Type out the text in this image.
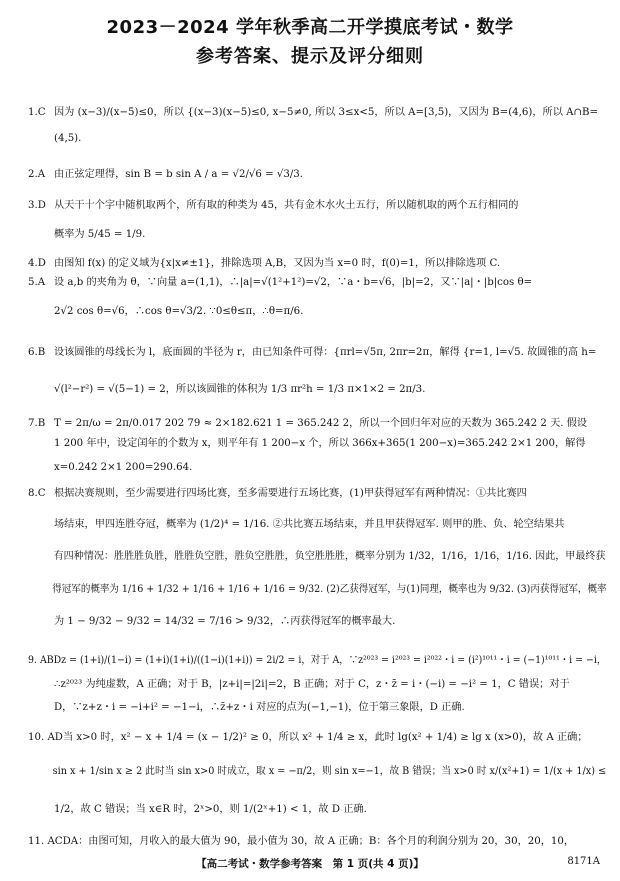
2023－2024 学年秋季高二开学摸底考试・数学
参考答案、提示及评分细则
1.C 因为 (x−3)/(x−5)≤0，所以 {(x−3)(x−5)≤0, x−5≠0, 所以 3≤x<5，所以 A=[3,5)，又因为 B=(4,6)，所以 A∩B=
(4,5).
2.A 由正弦定理得，sin B = b sin A / a = √2/√6 = √3/3.
3.D 从天干十个字中随机取两个，所有取的种类为 45，共有金木水火土五行，所以随机取的两个五行相同的
概率为 5/45 = 1/9.
4.D 由图知 f(x) 的定义域为{x|x≠±1}，排除选项 A,B，又因为当 x=0 时，f(0)=1，所以排除选项 C.
5.A 设 a,b 的夹角为 θ，∵向量 a=(1,1)，∴|a|=√(1²+1²)=√2，∵a・b=√6，|b|=2，又∵|a|・|b|cos θ=
2√2 cos θ=√6，∴cos θ=√3/2. ∵0≤θ≤π，∴θ=π/6.
6.B 设该圆锥的母线长为 l，底面圆的半径为 r，由已知条件可得：{πrl=√5π, 2πr=2π，解得 {r=1, l=√5. 故圆锥的高 h=
√(l²−r²) = √(5−1) = 2，所以该圆锥的体积为 1/3 πr²h = 1/3 π×1×2 = 2π/3.
7.B T = 2π/ω = 2π/0.017 202 79 ≈ 2×182.621 1 = 365.242 2，所以一个回归年对应的天数为 365.242 2 天. 假设
1 200 年中，设定闰年的个数为 x，则平年有 1 200−x 个，所以 366x+365(1 200−x)=365.242 2×1 200，解得
x=0.242 2×1 200=290.64.
8.C 根据决赛规则，至少需要进行四场比赛，至多需要进行五场比赛，(1)甲获得冠军有两种情况：①共比赛四
场结束，甲四连胜夺冠，概率为 (1/2)⁴ = 1/16. ②共比赛五场结束，并且甲获得冠军. 则甲的胜、负、轮空结果共
有四种情况：胜胜胜负胜，胜胜负空胜，胜负空胜胜，负空胜胜胜，概率分别为 1/32，1/16，1/16，1/16. 因此，甲最终获
得冠军的概率为 1/16 + 1/32 + 1/16 + 1/16 + 1/16 = 9/32. (2)乙获得冠军，与(1)同理，概率也为 9/32. (3)丙获得冠军，概率
为 1 − 9/32 − 9/32 = 14/32 = 7/16 > 9/32，∴丙获得冠军的概率最大.
9. ABDz = (1+i)/(1−i) = (1+i)(1+i)/((1−i)(1+i)) = 2i/2 = i，对于 A，∵z²⁰²³ = i²⁰²³ = i²⁰²²・i = (i²)¹⁰¹¹・i = (−1)¹⁰¹¹・i = −i，
∴z²⁰²³ 为纯虚数，A 正确；对于 B，|z+i|=|2i|=2，B 正确；对于 C，z・z̄ = i・(−i) = −i² = 1，C 错误；对于
D，∵z+z・i = −i+i² = −1−i，∴z̄+z・i 对应的点为(−1,−1)，位于第三象限，D 正确.
10. AD当 x>0 时，x² − x + 1/4 = (x − 1/2)² ≥ 0，所以 x² + 1/4 ≥ x，此时 lg(x² + 1/4) ≥ lg x (x>0)，故 A 正确；
sin x + 1/sin x ≥ 2 此时当 sin x>0 时成立，取 x = −π/2，则 sin x=−1，故 B 错误；当 x>0 时 x/(x²+1) = 1/(x + 1/x) ≤
1/2，故 C 错误；当 x∈R 时，2ˣ>0，则 1/(2ˣ+1) < 1，故 D 正确.
11. ACDA：由图可知，月收入的最大值为 90，最小值为 30，故 A 正确；B：各个月的利润分别为 20，30，20，10，
【高二考试・数学参考答案　第 1 页(共 4 页)】	8171A
